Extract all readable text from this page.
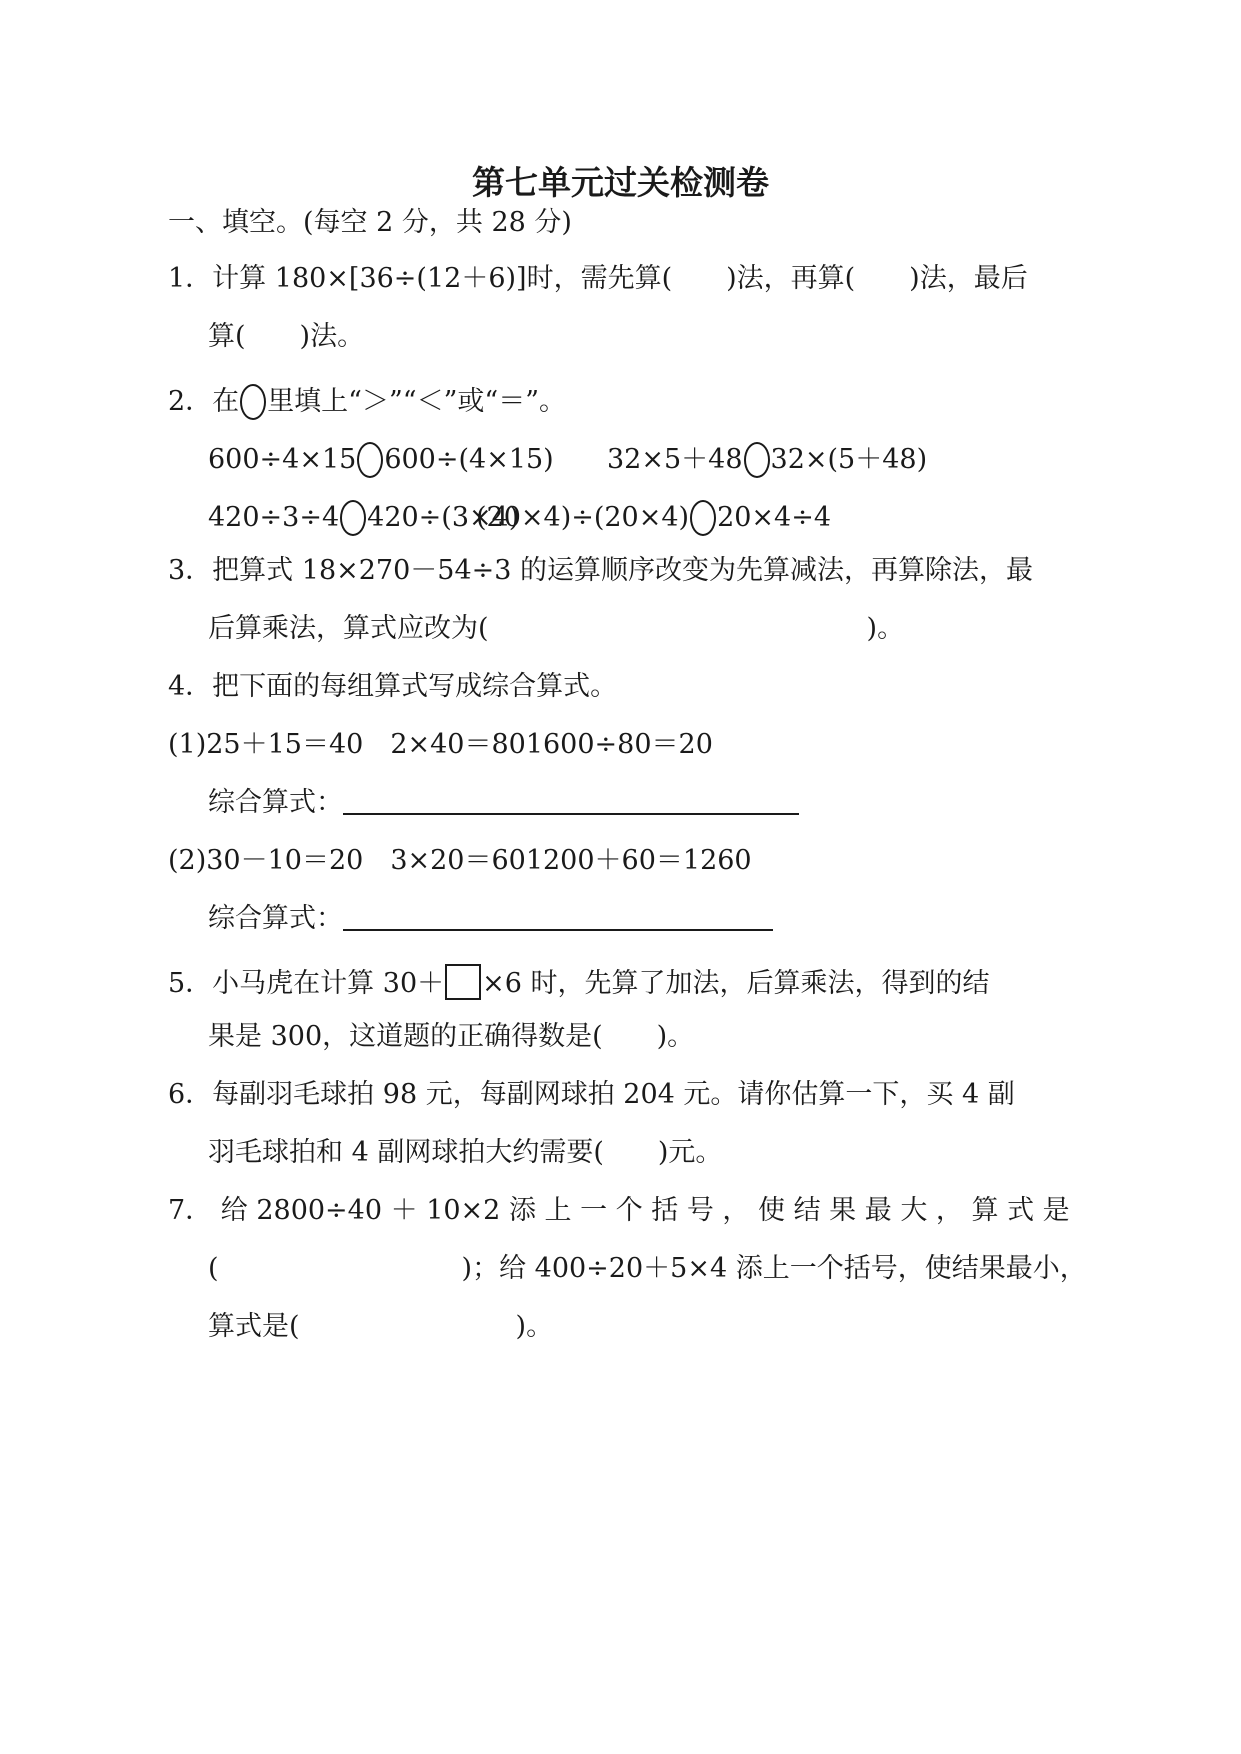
第七单元过关检测卷
一、填空。(每空 2 分，共 28 分)
1．计算 180×[36÷(12＋6)]时，需先算(　　)法，再算(　　)法，最后
算(　　)法。
2．在 里填上“＞”“＜”或“＝”。
600÷4×15 600÷(4×15) 32×5＋48 32×(5＋48)
420÷3÷4 420÷(3×4)
(20×4)÷(20×4) 20×4÷4
3．把算式 18×270－54÷3 的运算顺序改变为先算减法，再算除法，最
后算乘法，算式应改为(　　　　　　　　　　　　　　)。
4．把下面的每组算式写成综合算式。
(1)25＋15＝40　2×40＝801600÷80＝20
综合算式：
(2)30－10＝20　3×20＝601200＋60＝1260
综合算式：
5．小马虎在计算 30＋ ×6 时，先算了加法，后算乘法，得到的结
果是 300，这道题的正确得数是(　　)。
6．每副羽毛球拍 98 元，每副网球拍 204 元。请你估算一下，买 4 副
羽毛球拍和 4 副网球拍大约需要(　　)元。
7． 给 2800÷40 ＋ 10×2 添 上 一 个 括 号 ， 使 结 果 最 大 ， 算 式 是
(　　　　　　　　　)；给 400÷20＋5×4 添上一个括号，使结果最小，
算式是(　　　　　　　　)。
